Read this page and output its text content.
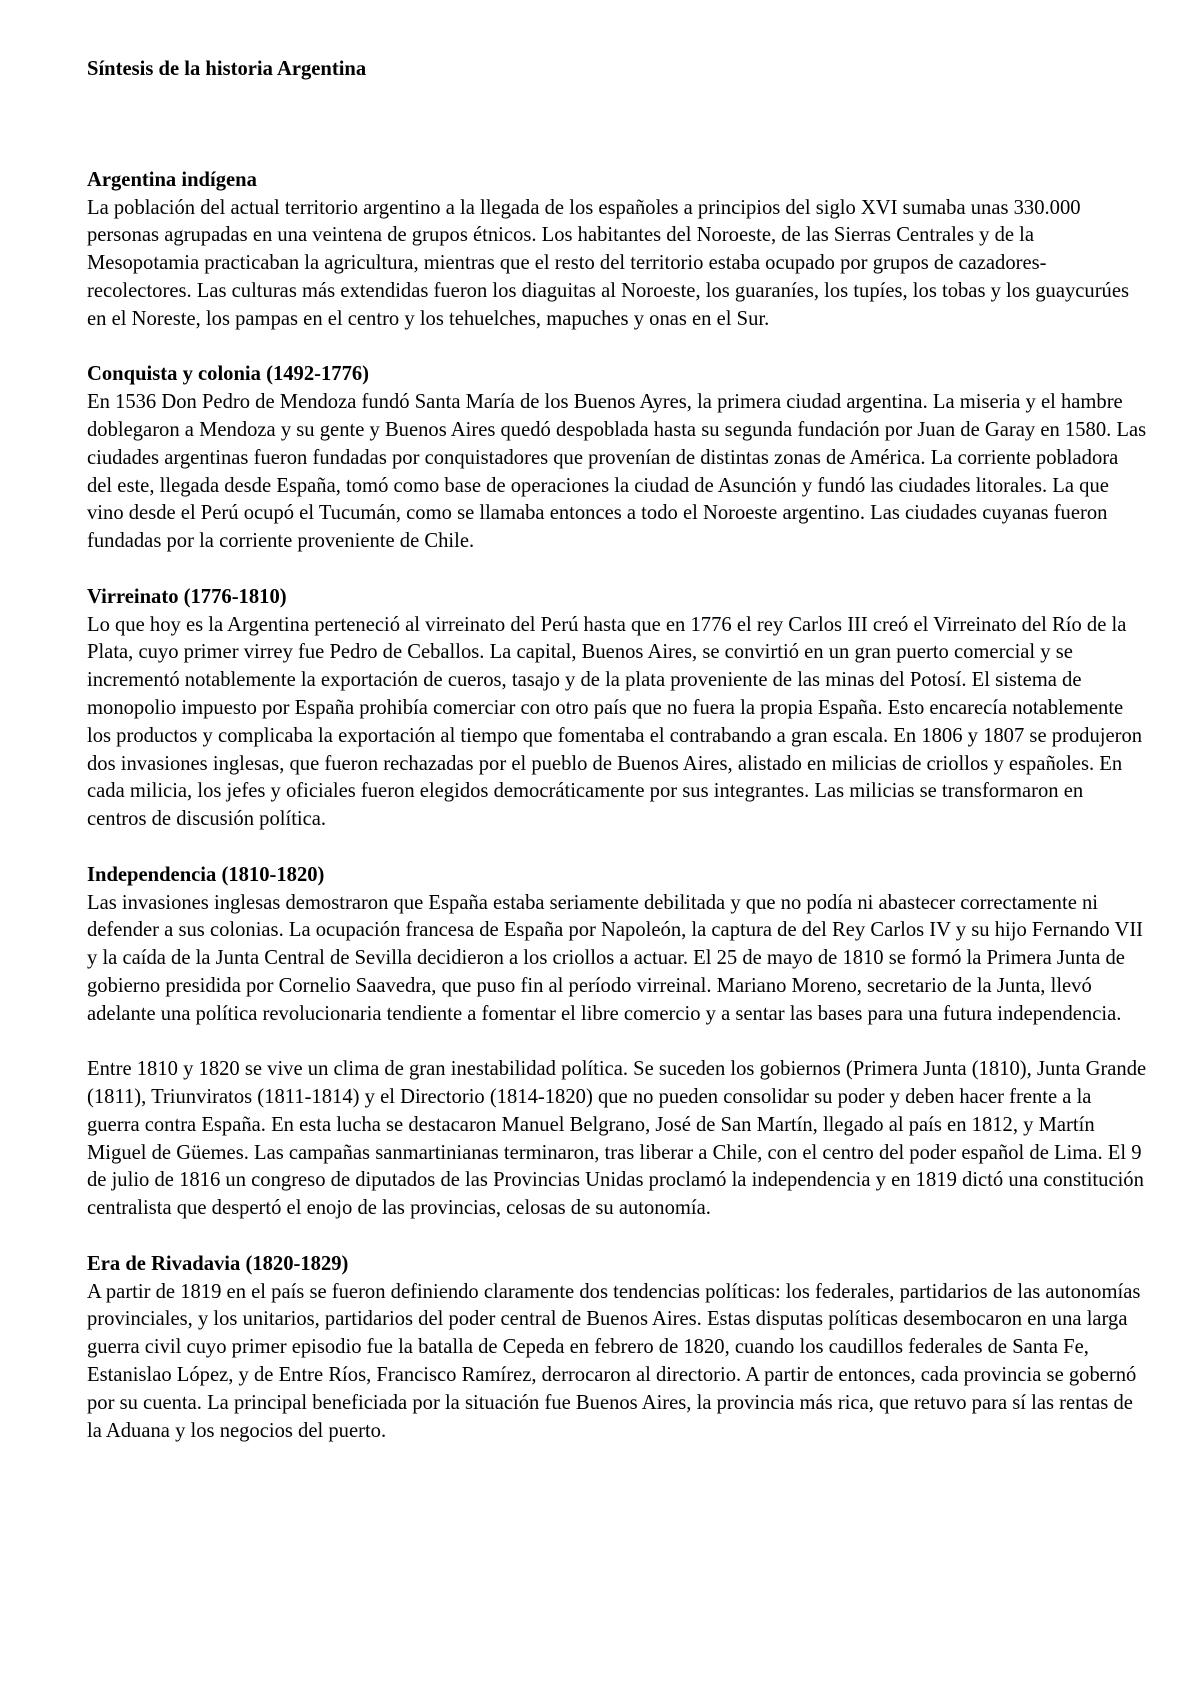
Síntesis de la historia Argentina
Argentina indígena
La población del actual territorio argentino a la llegada de los españoles a principios del siglo XVI sumaba unas 330.000 personas agrupadas en una veintena de grupos étnicos. Los habitantes del Noroeste, de las Sierras Centrales y de la Mesopotamia practicaban la agricultura, mientras que el resto del territorio estaba ocupado por grupos de cazadores-recolectores. Las culturas más extendidas fueron los diaguitas al Noroeste, los guaraníes, los tupíes, los tobas y los guaycurúes en el Noreste, los pampas en el centro y los tehuelches, mapuches y onas en el Sur.
Conquista y colonia (1492-1776)
En 1536 Don Pedro de Mendoza fundó Santa María de los Buenos Ayres, la primera ciudad argentina. La miseria y el hambre doblegaron a Mendoza y su gente y Buenos Aires quedó despoblada hasta su segunda fundación por Juan de Garay en 1580. Las ciudades argentinas fueron fundadas por conquistadores que provenían de distintas zonas de América. La corriente pobladora del este, llegada desde España, tomó como base de operaciones la ciudad de Asunción y fundó las ciudades litorales. La que vino desde el Perú ocupó el Tucumán, como se llamaba entonces a todo el Noroeste argentino. Las ciudades cuyanas fueron fundadas por la corriente proveniente de Chile.
Virreinato (1776-1810)
Lo que hoy es la Argentina perteneció al virreinato del Perú hasta que en 1776 el rey Carlos III creó el Virreinato del Río de la Plata, cuyo primer virrey fue Pedro de Ceballos. La capital, Buenos Aires, se convirtió en un gran puerto comercial y se incrementó notablemente la exportación de cueros, tasajo y de la plata proveniente de las minas del Potosí. El sistema de monopolio impuesto por España prohibía comerciar con otro país que no fuera la propia España. Esto encarecía notablemente los productos y complicaba la exportación al tiempo que fomentaba el contrabando a gran escala. En 1806 y 1807 se produjeron dos invasiones inglesas, que fueron rechazadas por el pueblo de Buenos Aires, alistado en milicias de criollos y españoles. En cada milicia, los jefes y oficiales fueron elegidos democráticamente por sus integrantes. Las milicias se transformaron en centros de discusión política.
Independencia (1810-1820)
Las invasiones inglesas demostraron que España estaba seriamente debilitada y que no podía ni abastecer correctamente ni defender a sus colonias. La ocupación francesa de España por Napoleón, la captura de del Rey Carlos IV y su hijo Fernando VII y la caída de la Junta Central de Sevilla decidieron a los criollos a actuar. El 25 de mayo de 1810 se formó la Primera Junta de gobierno presidida por Cornelio Saavedra, que puso fin al período virreinal. Mariano Moreno, secretario de la Junta, llevó adelante una política revolucionaria tendiente a fomentar el libre comercio y a sentar las bases para una futura independencia.
Entre 1810 y 1820 se vive un clima de gran inestabilidad política. Se suceden los gobiernos (Primera Junta (1810), Junta Grande (1811), Triunviratos (1811-1814) y el Directorio (1814-1820) que no pueden consolidar su poder y deben hacer frente a la guerra contra España. En esta lucha se destacaron Manuel Belgrano, José de San Martín, llegado al país en 1812, y Martín Miguel de Güemes. Las campañas sanmartinianas terminaron, tras liberar a Chile, con el centro del poder español de Lima. El 9 de julio de 1816 un congreso de diputados de las Provincias Unidas proclamó la independencia y en 1819 dictó una constitución centralista que despertó el enojo de las provincias, celosas de su autonomía.
Era de Rivadavia (1820-1829)
A partir de 1819 en el país se fueron definiendo claramente dos tendencias políticas: los federales, partidarios de las autonomías provinciales, y los unitarios, partidarios del poder central de Buenos Aires. Estas disputas políticas desembocaron en una larga guerra civil cuyo primer episodio fue la batalla de Cepeda en febrero de 1820, cuando los caudillos federales de Santa Fe, Estanislao López, y de Entre Ríos, Francisco Ramírez, derrocaron al directorio. A partir de entonces, cada provincia se gobernó por su cuenta. La principal beneficiada por la situación fue Buenos Aires, la provincia más rica, que retuvo para sí las rentas de la Aduana y los negocios del puerto.
